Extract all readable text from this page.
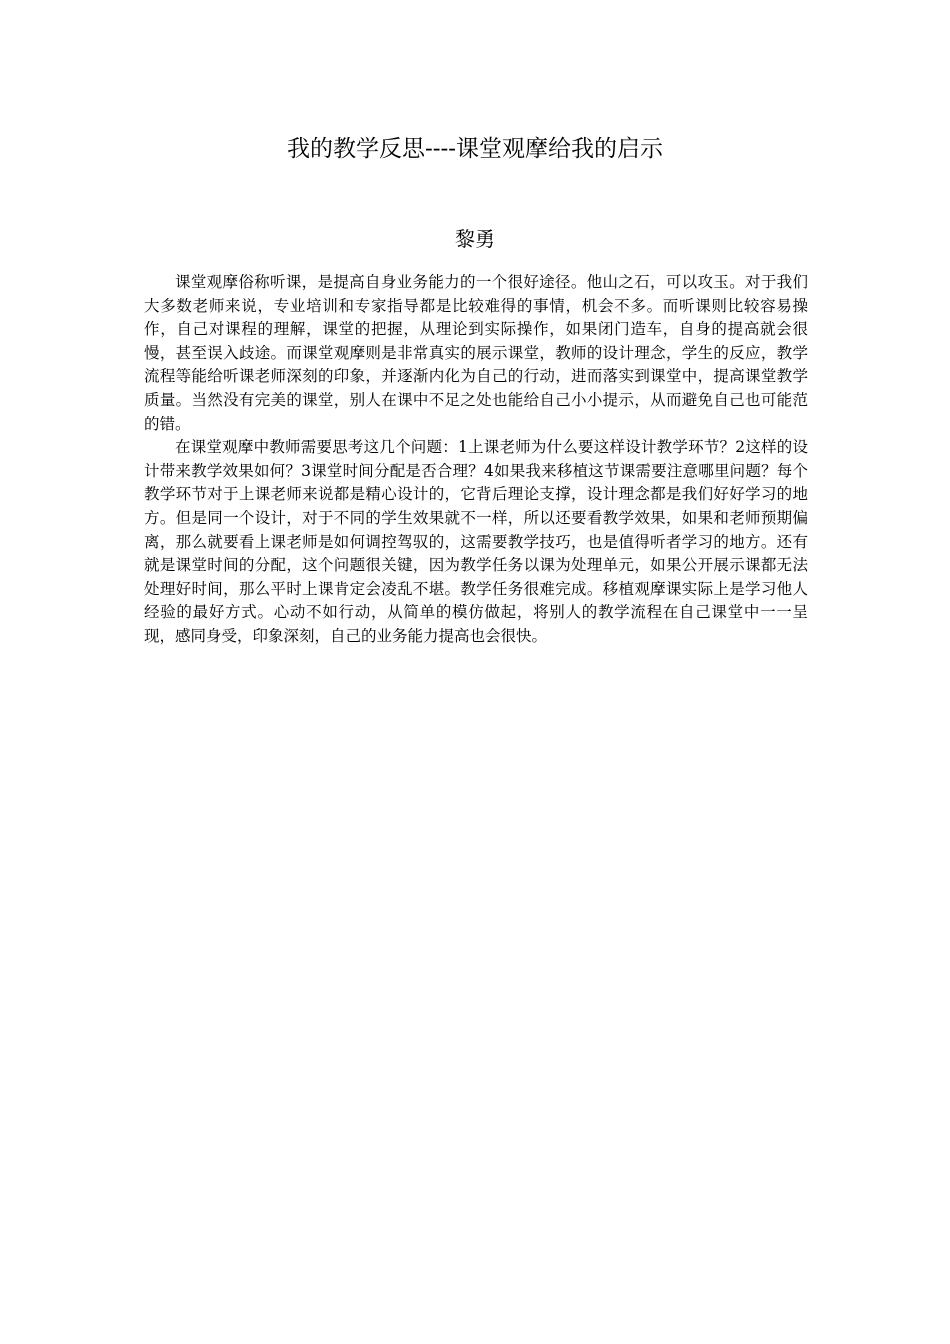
我的教学反思----课堂观摩给我的启示
黎勇

课堂观摩俗称听课，是提高自身业务能力的一个很好途径。他山之石，可以攻玉。对于我们大多数老师来说，专业培训和专家指导都是比较难得的事情，机会不多。而听课则比较容易操作，自己对课程的理解，课堂的把握，从理论到实际操作，如果闭门造车，自身的提高就会很慢，甚至误入歧途。而课堂观摩则是非常真实的展示课堂，教师的设计理念，学生的反应，教学流程等能给听课老师深刻的印象，并逐渐内化为自己的行动，进而落实到课堂中，提高课堂教学质量。当然没有完美的课堂，别人在课中不足之处也能给自己小小提示，从而避免自己也可能范的错。

在课堂观摩中教师需要思考这几个问题：1上课老师为什么要这样设计教学环节？2这样的设计带来教学效果如何？3课堂时间分配是否合理？4如果我来移植这节课需要注意哪里问题？每个教学环节对于上课老师来说都是精心设计的，它背后理论支撑，设计理念都是我们好好学习的地方。但是同一个设计，对于不同的学生效果就不一样，所以还要看教学效果，如果和老师预期偏离，那么就要看上课老师是如何调控驾驭的，这需要教学技巧，也是值得听者学习的地方。还有就是课堂时间的分配，这个问题很关键，因为教学任务以课为处理单元，如果公开展示课都无法处理好时间，那么平时上课肯定会凌乱不堪。教学任务很难完成。移植观摩课实际上是学习他人经验的最好方式。心动不如行动，从简单的模仿做起，将别人的教学流程在自己课堂中一一呈现，感同身受，印象深刻，自己的业务能力提高也会很快。
